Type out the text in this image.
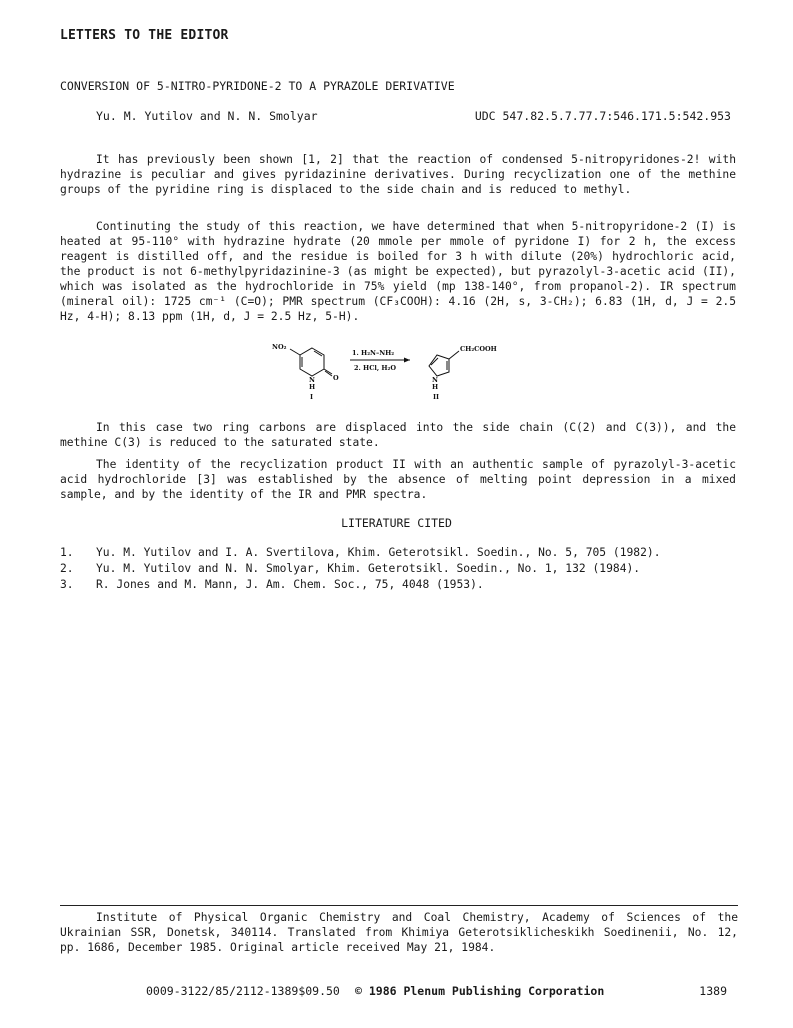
LETTERS TO THE EDITOR
CONVERSION OF 5-NITRO-PYRIDONE-2 TO A PYRAZOLE DERIVATIVE
Yu. M. Yutilov and N. N. Smolyar	UDC 547.82.5.7.77.7:546.171.5:542.953

It has previously been shown [1, 2] that the reaction of condensed 5-nitropyridones-2! with hydrazine is peculiar and gives pyridazinine derivatives. During recyclization one of the methine groups of the pyridine ring is displaced to the side chain and is reduced to methyl.

Continuting the study of this reaction, we have determined that when 5-nitropyridone-2 (I) is heated at 95-110° with hydrazine hydrate (20 mmole per mmole of pyridone I) for 2 h, the excess reagent is distilled off, and the residue is boiled for 3 h with dilute (20%) hydrochloric acid, the product is not 6-methylpyridazinine-3 (as might be expected), but pyrazolyl-3-acetic acid (II), which was isolated as the hydrochloride in 75% yield (mp 138-140°, from propanol-2). IR spectrum (mineral oil): 1725 cm⁻¹ (C=O); PMR spectrum (CF₃COOH): 4.16 (2H, s, 3-CH₂); 6.83 (1H, d, J = 2.5 Hz, 4-H); 8.13 ppm (1H, d, J = 2.5 Hz, 5-H).

NO₂
N
H
O
I
1. H₂N–NH₂
2. HCl, H₂O
CH₂COOH
N
H
II

In this case two ring carbons are displaced into the side chain (C(2) and C(3)), and the methine C(3) is reduced to the saturated state.

The identity of the recyclization product II with an authentic sample of pyrazolyl-3-acetic acid hydrochloride [3] was established by the absence of melting point depression in a mixed sample, and by the identity of the IR and PMR spectra.

LITERATURE CITED
1.	Yu. M. Yutilov and I. A. Svertilova, Khim. Geterotsikl. Soedin., No. 5, 705 (1982).
2.	Yu. M. Yutilov and N. N. Smolyar, Khim. Geterotsikl. Soedin., No. 1, 132 (1984).
3.	R. Jones and M. Mann, J. Am. Chem. Soc., 75, 4048 (1953).

Institute of Physical Organic Chemistry and Coal Chemistry, Academy of Sciences of the Ukrainian SSR, Donetsk, 340114. Translated from Khimiya Geterotsiklicheskikh Soedinenii, No. 12, pp. 1686, December 1985. Original article received May 21, 1984.

0009-3122/85/2112-1389$09.50 © 1986 Plenum Publishing Corporation	1389
